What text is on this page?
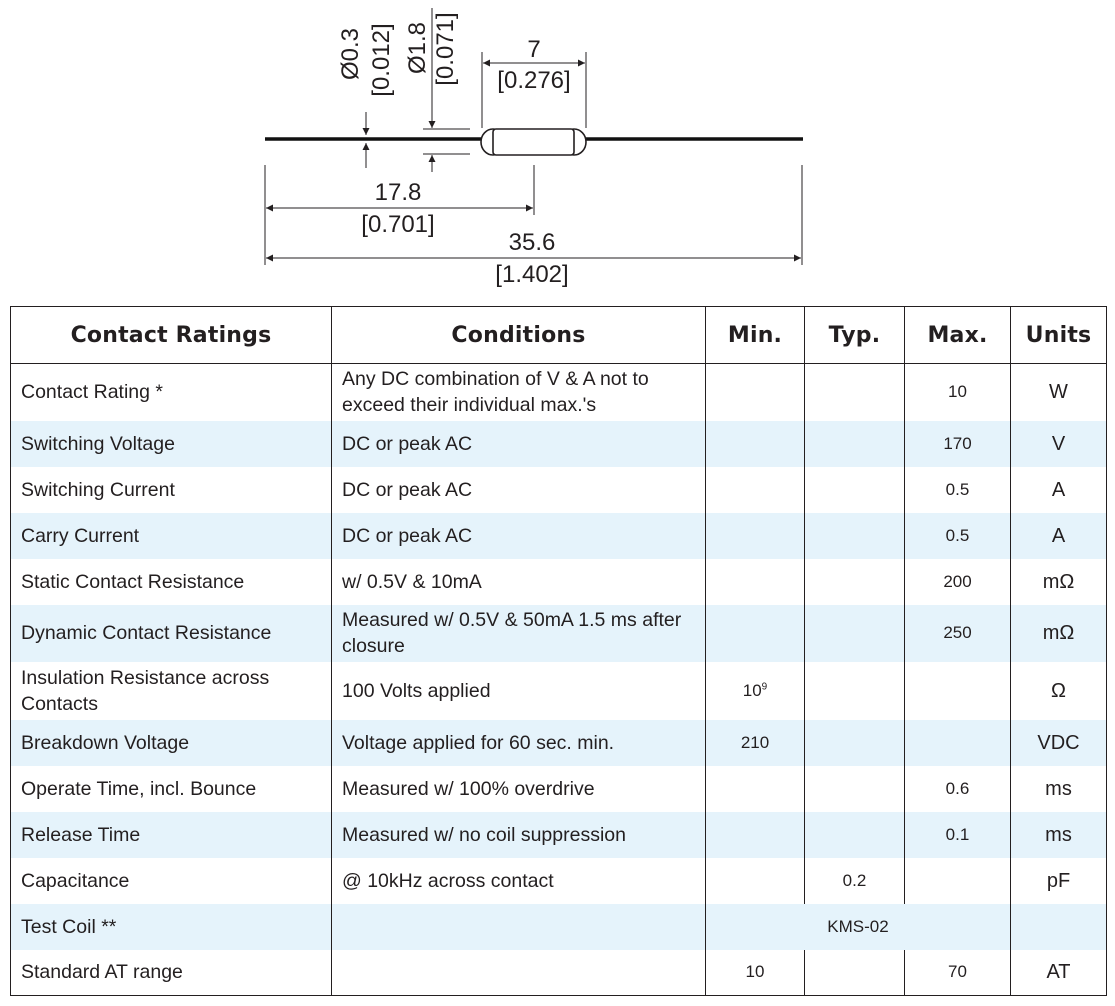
Ø0.3 [0.012] Ø1.8 [0.071]	7
[0.276]
17.8
[0.701]
35.6
[1.402]
Contact Ratings	Conditions	Min.	Typ.	Max.	Units
Contact Rating *	Any DC combination of V & A not to exceed their individual max.'s			10	W
Switching Voltage	DC or peak AC			170	V
Switching Current	DC or peak AC			0.5	A
Carry Current	DC or peak AC			0.5	A
Static Contact Resistance	w/ 0.5V & 10mA			200	mΩ
Dynamic Contact Resistance	Measured w/ 0.5V & 50mA 1.5 ms after closure			250	mΩ
Insulation Resistance across Contacts	100 Volts applied	$10^9$			Ω
Breakdown Voltage	Voltage applied for 60 sec. min.	210			VDC
Operate Time, incl. Bounce	Measured w/ 100% overdrive			0.6	ms
Release Time	Measured w/ no coil suppression			0.1	ms
Capacitance	@ 10kHz across contact		0.2		pF
Test Coil **		KMS-02			
Standard AT range		10		70	AT
